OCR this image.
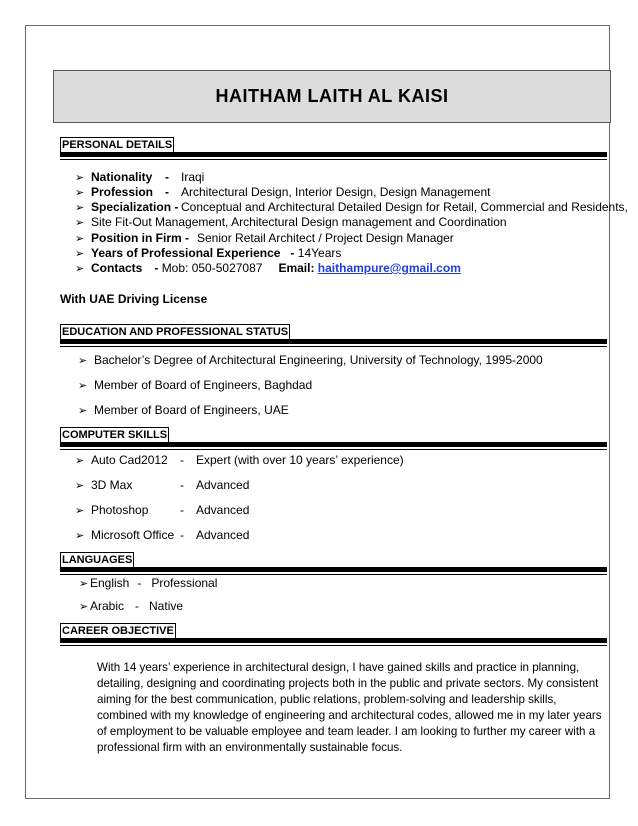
HAITHAM LAITH AL KAISI
PERSONAL DETAILS
➢ Nationality - Iraqi
➢ Profession - Architectural Design, Interior Design, Design Management
➢ Specialization - Conceptual and Architectural Detailed Design for Retail, Commercial and Residents,
➢ Site Fit-Out Management, Architectural Design management and Coordination
➢ Position in Firm - Senior Retail Architect / Project Design Manager
➢ Years of Professional Experience - 14Years
➢ Contacts - Mob: 050-5027087 Email: haithampure@gmail.com
With UAE Driving License
EDUCATION AND PROFESSIONAL STATUS
➢ Bachelor’s Degree of Architectural Engineering, University of Technology, 1995-2000
➢ Member of Board of Engineers, Baghdad
➢ Member of Board of Engineers, UAE
COMPUTER SKILLS
➢ Auto Cad2012 - Expert (with over 10 years’ experience)
➢ 3D Max	- Advanced
➢ Photoshop	- Advanced
➢ Microsoft Office - Advanced
LANGUAGES
➢ English - Professional
➢ Arabic - Native
CAREER OBJECTIVE
With 14 years’ experience in architectural design, I have gained skills and practice in planning, detailing, designing and coordinating projects both in the public and private sectors. My consistent aiming for the best communication, public relations, problem-solving and leadership skills, combined with my knowledge of engineering and architectural codes, allowed me in my later years of employment to be valuable employee and team leader. I am looking to further my career with a professional firm with an environmentally sustainable focus.
